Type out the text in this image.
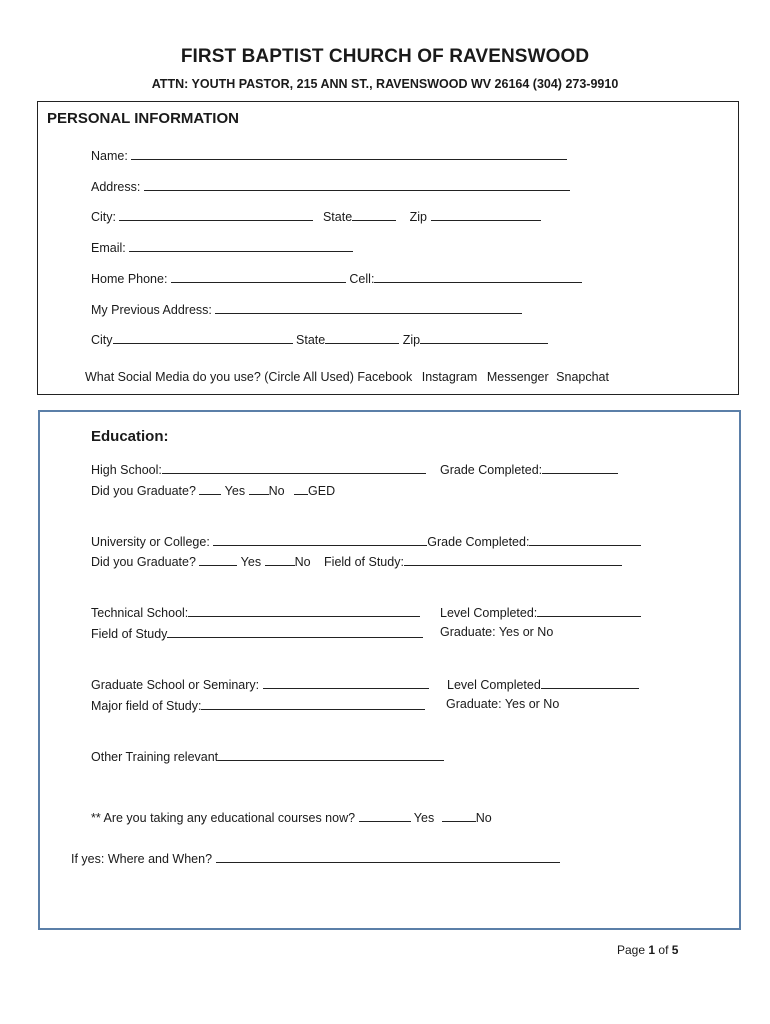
FIRST BAPTIST CHURCH OF RAVENSWOOD
ATTN: YOUTH PASTOR, 215 ANN ST., RAVENSWOOD WV 26164 (304) 273-9910
PERSONAL INFORMATION
Name:
Address:
City:	State	Zip
Email:
Home Phone:	Cell:
My Previous Address:
City	State	Zip
What Social Media do you use? (Circle All Used) Facebook Instagram Messenger Snapchat
Education:
High School:	Grade Completed:
Did you Graduate? Yes No GED
University or College:	Grade Completed:
Did you Graduate?	Yes	No Field of Study:
Technical School:	Level Completed:
Field of Study	Graduate: Yes or No
Graduate School or Seminary:	Level Completed
Major field of Study:	Graduate: Yes or No
Other Training relevant
** Are you taking any educational courses now?	Yes	No
If yes: Where and When?
Page 1 of 5
